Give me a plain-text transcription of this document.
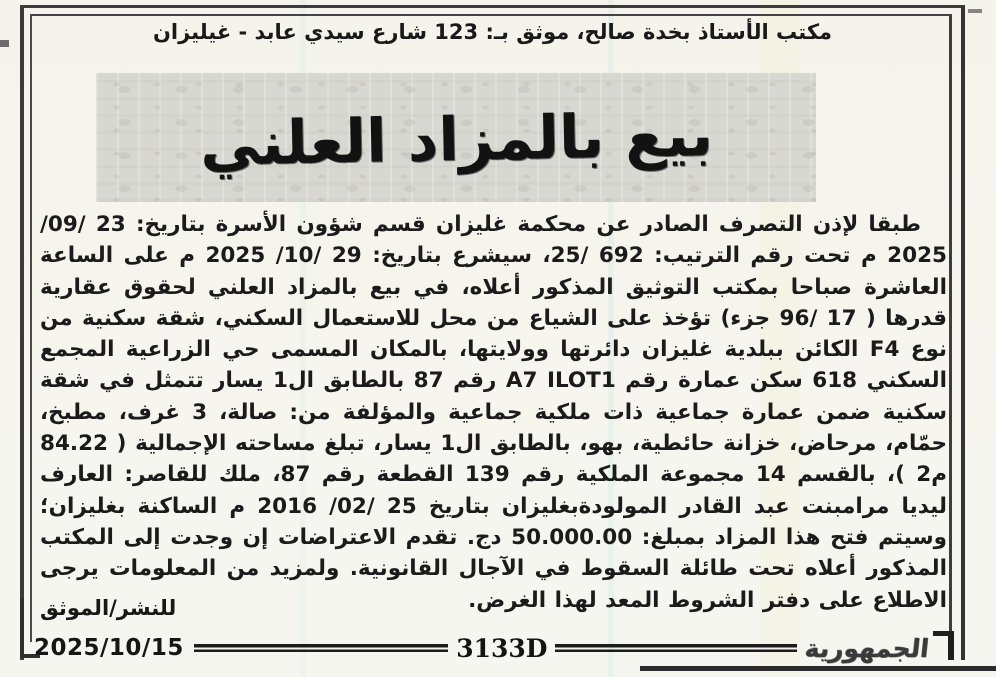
مكتب الأستاذ بخدة صالح، موثق بـ: 123 شارع سيدي عابد - غيليزان
بيع بالمزاد العلني
طبقا لإذن التصرف الصادر عن محكمة غليزان قسم شؤون الأسرة بتاريخ: 23 /09/ 2025 م تحت رقم الترتيب: 692 /25، سيشرع بتاريخ: 29 /10/ 2025 م على الساعة العاشرة صباحا بمكتب التوثيق المذكور أعلاه، في بيع بالمزاد العلني لحقوق عقارية قدرها ( 17 /96 جزء) تؤخذ على الشياع من محل للاستعمال السكني، شقة سكنية من نوع F4 الكائن ببلدية غليزان دائرتها وولايتها، بالمكان المسمى حي الزراعية المجمع السكني 618 سكن عمارة رقم A7 ILOT1 رقم 87 بالطابق ال1 يسار تتمثل في شقة سكنية ضمن عمارة جماعية ذات ملكية جماعية والمؤلفة من: صالة، 3 غرف، مطبخ، حمّام، مرحاض، خزانة حائطية، بهو، بالطابق ال1 يسار، تبلغ مساحته الإجمالية ( 84.22 م2 )، بالقسم 14 مجموعة الملكية رقم 139 القطعة رقم 87، ملك للقاصر: العارف ليديا مرامبنت عبد القادر المولودةبغليزان بتاريخ 25 /02/ 2016 م الساكنة بغليزان؛ وسيتم فتح هذا المزاد بمبلغ: 50.000.00 دج. تقدم الاعتراضات إن وجدت إلى المكتب المذكور أعلاه تحت طائلة السقوط في الآجال القانونية. ولمزيد من المعلومات يرجى الاطلاع على دفتر الشروط المعد لهذا الغرض.
للنشر/الموثق
2025/10/15	3133D	الجمهورية
